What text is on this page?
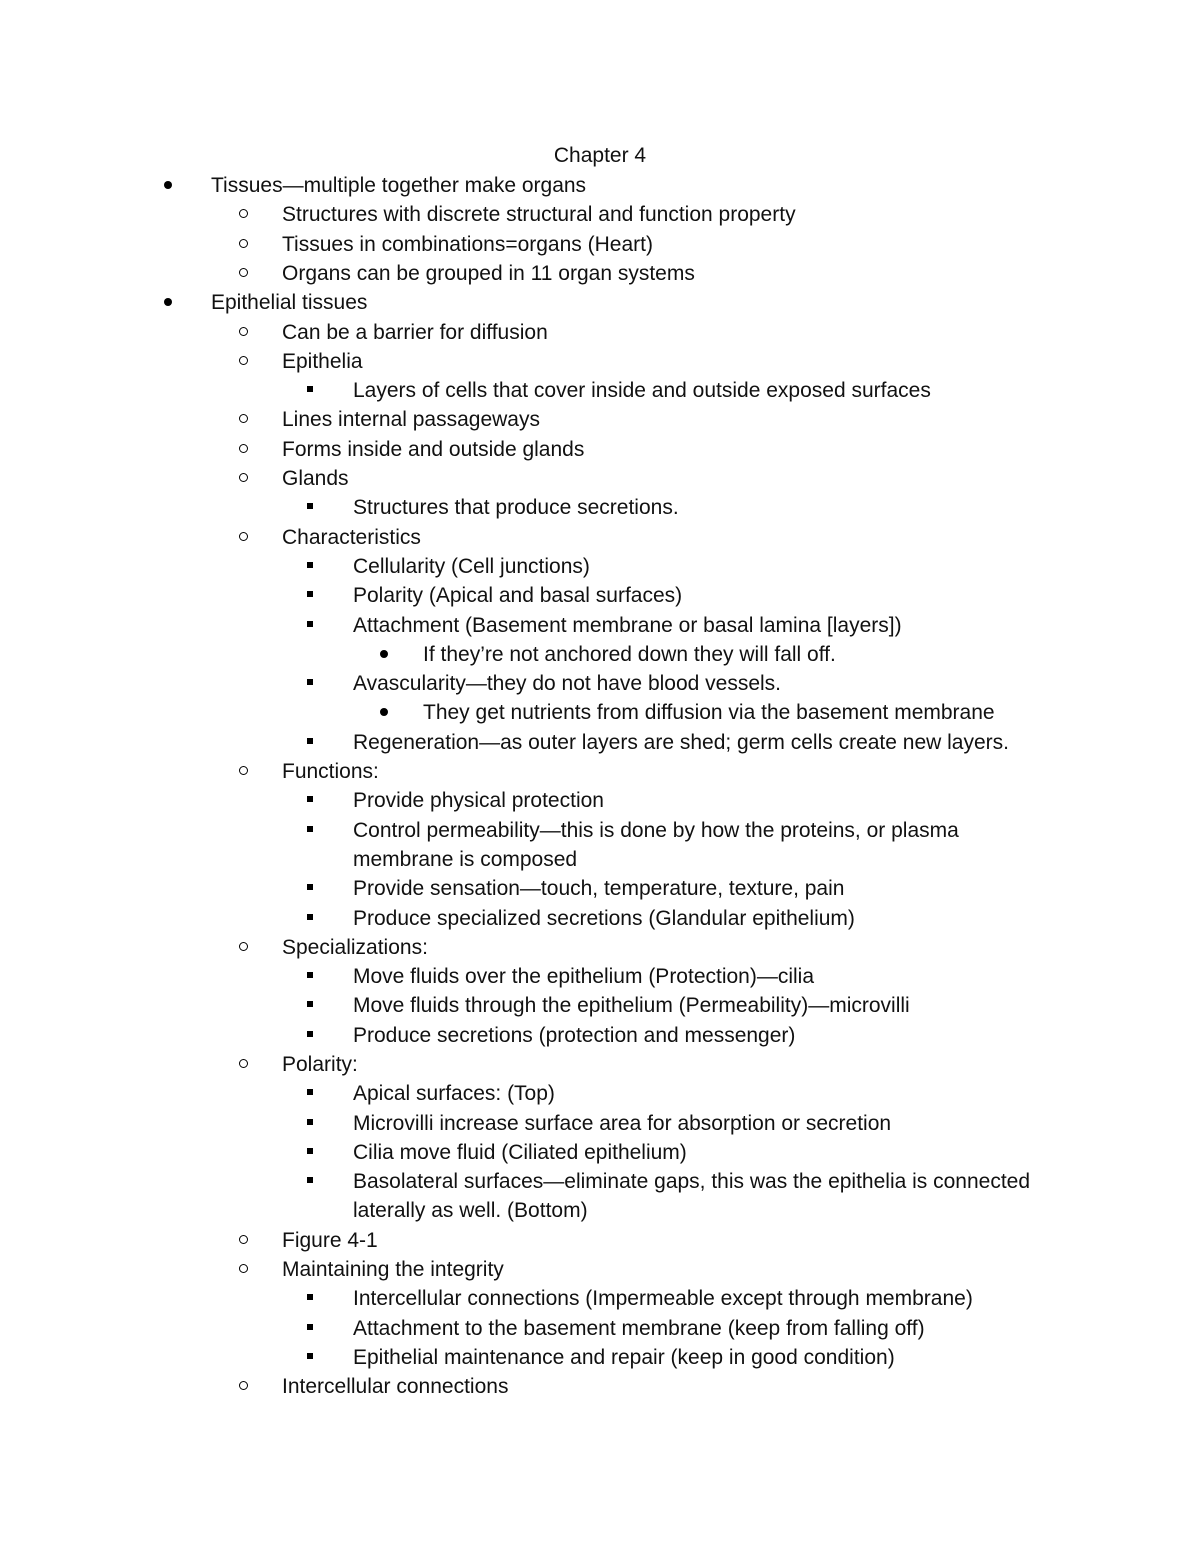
Chapter 4
Tissues—multiple together make organs
Structures with discrete structural and function property
Tissues in combinations=organs (Heart)
Organs can be grouped in 11 organ systems
Epithelial tissues
Can be a barrier for diffusion
Epithelia
Layers of cells that cover inside and outside exposed surfaces
Lines internal passageways
Forms inside and outside glands
Glands
Structures that produce secretions.
Characteristics
Cellularity (Cell junctions)
Polarity (Apical and basal surfaces)
Attachment (Basement membrane or basal lamina [layers])
If they’re not anchored down they will fall off.
Avascularity—they do not have blood vessels.
They get nutrients from diffusion via the basement membrane
Regeneration—as outer layers are shed; germ cells create new layers.
Functions:
Provide physical protection
Control permeability—this is done by how the proteins, or plasma membrane is composed
Provide sensation—touch, temperature, texture, pain
Produce specialized secretions (Glandular epithelium)
Specializations:
Move fluids over the epithelium (Protection)—cilia
Move fluids through the epithelium (Permeability)—microvilli
Produce secretions (protection and messenger)
Polarity:
Apical surfaces: (Top)
Microvilli increase surface area for absorption or secretion
Cilia move fluid (Ciliated epithelium)
Basolateral surfaces—eliminate gaps, this was the epithelia is connected laterally as well. (Bottom)
Figure 4-1
Maintaining the integrity
Intercellular connections (Impermeable except through membrane)
Attachment to the basement membrane (keep from falling off)
Epithelial maintenance and repair (keep in good condition)
Intercellular connections
